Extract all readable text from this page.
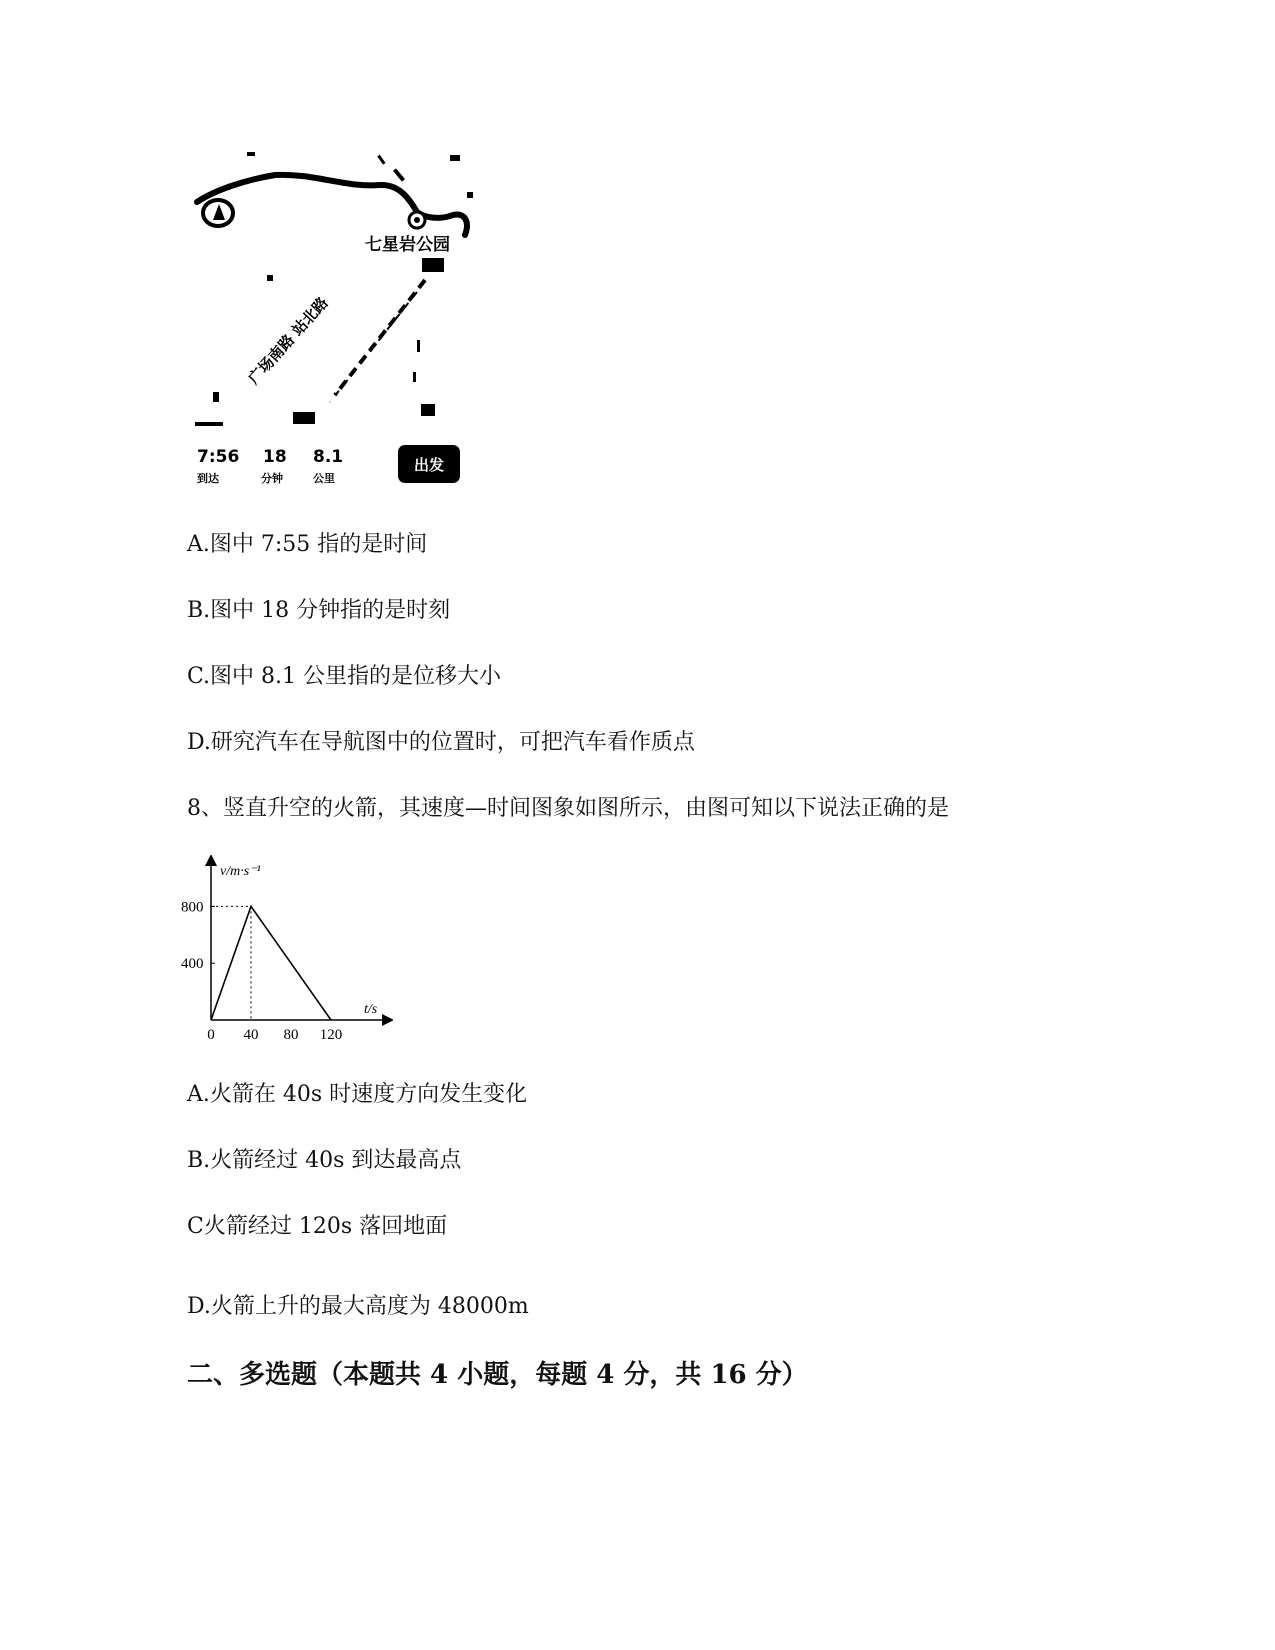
七星岩公园
广场南路 站北路
7:56
到达
18
分钟
8.1
公里
出发
A.图中 7:55 指的是时间
B.图中 18 分钟指的是时刻
C.图中 8.1 公里指的是位移大小
D.研究汽车在导航图中的位置时，可把汽车看作质点
8、竖直升空的火箭，其速度—时间图象如图所示，由图可知以下说法正确的是
v/m·s⁻¹
t/s
800
400
0 40 80 120
A.火箭在 40s 时速度方向发生变化
B.火箭经过 40s 到达最高点
C火箭经过 120s 落回地面
D.火箭上升的最大高度为 48000m
二、多选题（本题共 4 小题，每题 4 分，共 16 分）
